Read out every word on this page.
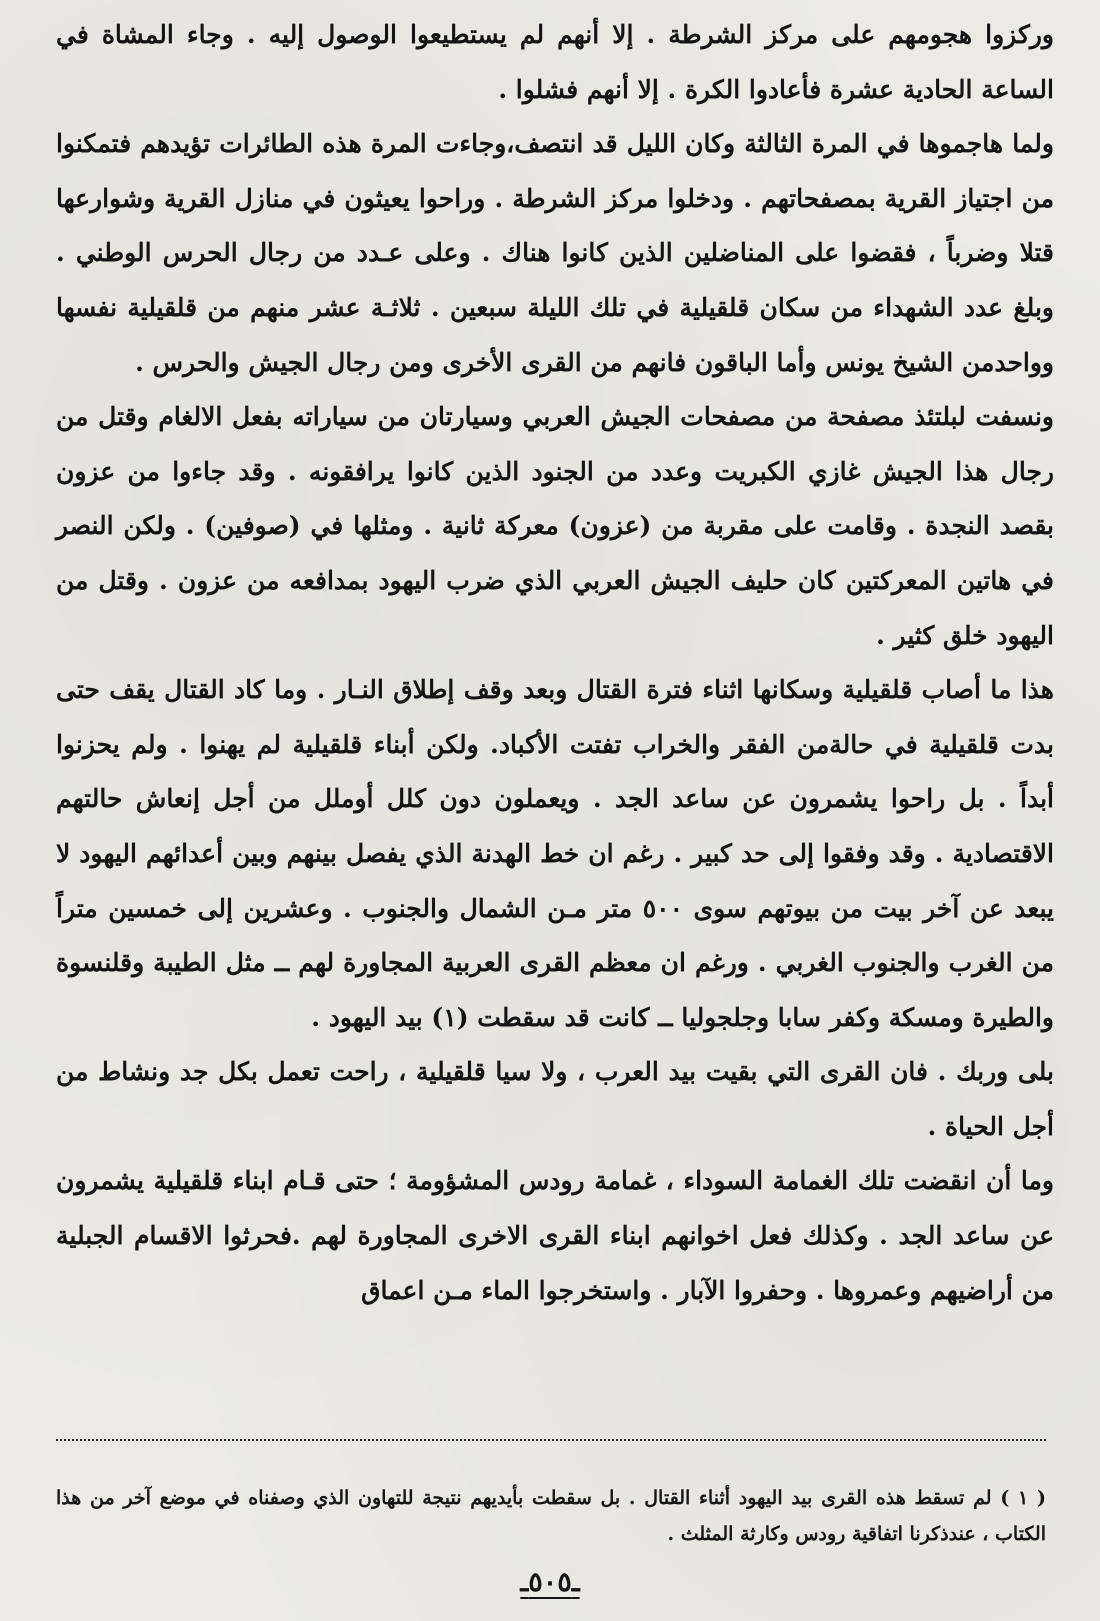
وركزوا هجومهم على مركز الشرطة . إلا أنهم لم يستطيعوا الوصول إليه . وجاء المشاة في الساعة الحادية عشرة فأعادوا الكرة . إلا أنهم فشلوا .

ولما هاجموها في المرة الثالثة وكان الليل قد انتصف،وجاءت المرة هذه الطائرات تؤيدهم فتمكنوا من اجتياز القرية بمصفحاتهم . ودخلوا مركز الشرطة . وراحوا يعيثون في منازل القرية وشوارعها قتلا وضرباً ، فقضوا على المناضلين الذين كانوا هناك . وعلى عـدد من رجال الحرس الوطني . وبلغ عدد الشهداء من سكان قلقيلية في تلك الليلة سبعين . ثلاثـة عشر منهم من قلقيلية نفسها وواحدمن الشيخ يونس وأما الباقون فانهم من القرى الأخرى ومن رجال الجيش والحرس .

ونسفت لبلتئذ مصفحة من مصفحات الجيش العربي وسيارتان من سياراته بفعل الالغام وقتل من رجال هذا الجيش غازي الكبريت وعدد من الجنود الذين كانوا يرافقونه . وقد جاءوا من عزون بقصد النجدة . وقامت على مقربة من (عزون) معركة ثانية . ومثلها في (صوفين) . ولكن النصر في هاتين المعركتين كان حليف الجيش العربي الذي ضرب اليهود بمدافعه من عزون . وقتل من اليهود خلق كثير .

هذا ما أصاب قلقيلية وسكانها اثناء فترة القتال وبعد وقف إطلاق النـار . وما كاد القتال يقف حتى بدت قلقيلية في حالةمن الفقر والخراب تفتت الأكباد. ولكن أبناء قلقيلية لم يهنوا . ولم يحزنوا أبداً . بل راحوا يشمرون عن ساعد الجد . ويعملون دون كلل أوملل من أجل إنعاش حالتهم الاقتصادية . وقد وفقوا إلى حد كبير . رغم ان خط الهدنة الذي يفصل بينهم وبين أعدائهم اليهود لا يبعد عن آخر بيت من بيوتهم سوى ٥٠٠ متر مـن الشمال والجنوب . وعشرين إلى خمسين متراً من الغرب والجنوب الغربي . ورغم ان معظم القرى العربية المجاورة لهم ــ مثل الطيبة وقلنسوة والطيرة ومسكة وكفر سابا وجلجوليا ــ كانت قد سقطت (١) بيد اليهود .

بلى وربك . فان القرى التي بقيت بيد العرب ، ولا سيا قلقيلية ، راحت تعمل بكل جد ونشاط من أجل الحياة .

وما أن انقضت تلك الغمامة السوداء ، غمامة رودس المشؤومة ؛ حتى قـام ابناء قلقيلية يشمرون عن ساعد الجد . وكذلك فعل اخوانهم ابناء القرى الاخرى المجاورة لهم .فحرثوا الاقسام الجبلية من أراضيهم وعمروها . وحفروا الآبار . واستخرجوا الماء مـن اعماق

( ١ ) لم تسقط هذه القرى بيد اليهود أثناء القتال . بل سقطت بأيديهم نتيجة للتهاون الذي وصفناه في موضع آخر من هذا الكتاب ، عندذكرنا اتفاقية رودس وكارثة المثلث .

ـ٥٠٥ـ
